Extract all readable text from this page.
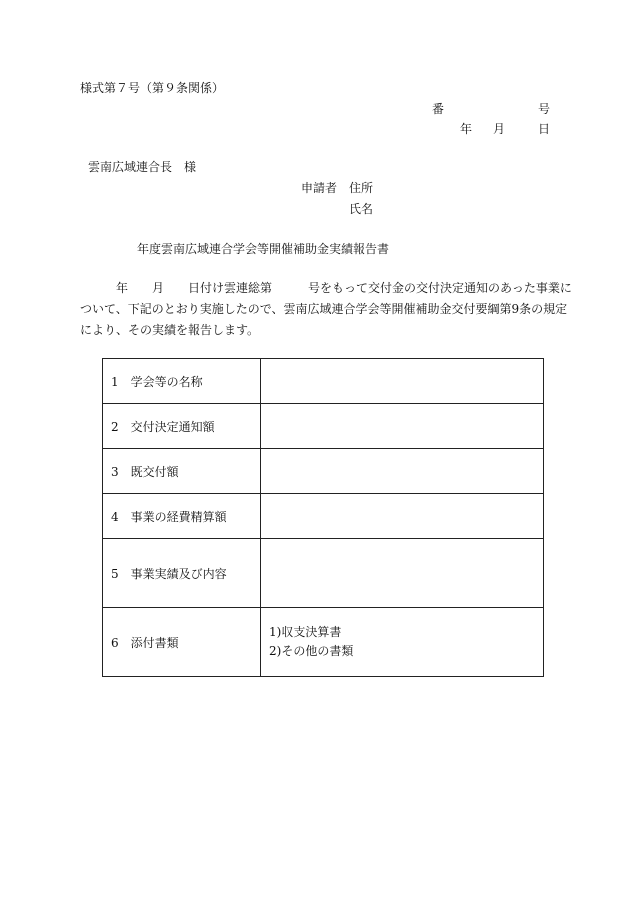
様式第７号（第９条関係）
番	号
年 月	日
雲南広域連合長　様
申請者 住所
氏名
年度雲南広域連合学会等開催補助金実績報告書
　　　年　　月　　日付け雲連総第　　　号をもって交付金の交付決定通知のあった事業に
ついて、下記のとおり実施したので、雲南広域連合学会等開催補助金交付要綱第9条の規定
により、その実績を報告します。
1　学会等の名称	
2　交付決定通知額	
3　既交付額	
4　事業の経費精算額	
5　事業実績及び内容	
6　添付書類	1)収支決算書
2)その他の書類
